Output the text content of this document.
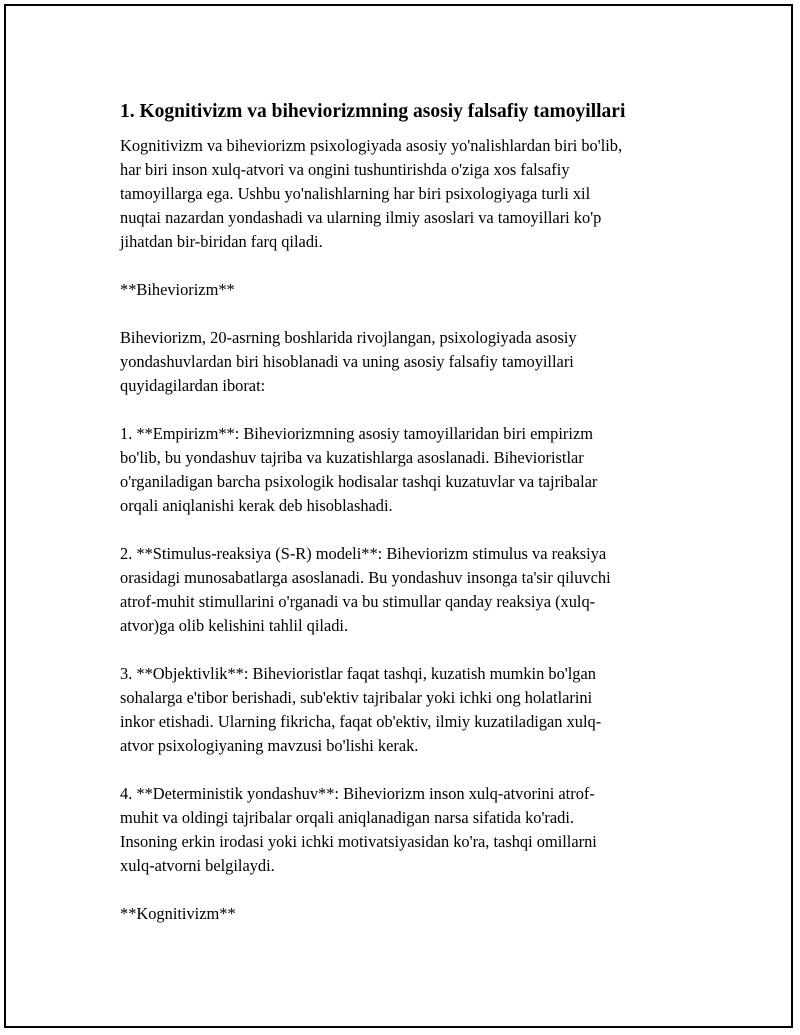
1. Kognitivizm va biheviorizmning asosiy falsafiy tamoyillari

Kognitivizm va biheviorizm psixologiyada asosiy yo'nalishlardan biri bo'lib,
har biri inson xulq-atvori va ongini tushuntirishda o'ziga xos falsafiy
tamoyillarga ega. Ushbu yo'nalishlarning har biri psixologiyaga turli xil
nuqtai nazardan yondashadi va ularning ilmiy asoslari va tamoyillari ko'p
jihatdan bir-biridan farq qiladi.

**Biheviorizm**

Biheviorizm, 20-asrning boshlarida rivojlangan, psixologiyada asosiy
yondashuvlardan biri hisoblanadi va uning asosiy falsafiy tamoyillari
quyidagilardan iborat:

1. **Empirizm**: Biheviorizmning asosiy tamoyillaridan biri empirizm
bo'lib, bu yondashuv tajriba va kuzatishlarga asoslanadi. Bihevioristlar
o'rganiladigan barcha psixologik hodisalar tashqi kuzatuvlar va tajribalar
orqali aniqlanishi kerak deb hisoblashadi.

2. **Stimulus-reaksiya (S-R) modeli**: Biheviorizm stimulus va reaksiya
orasidagi munosabatlarga asoslanadi. Bu yondashuv insonga ta'sir qiluvchi
atrof-muhit stimullarini o'rganadi va bu stimullar qanday reaksiya (xulq-
atvor)ga olib kelishini tahlil qiladi.

3. **Objektivlik**: Bihevioristlar faqat tashqi, kuzatish mumkin bo'lgan
sohalarga e'tibor berishadi, sub'ektiv tajribalar yoki ichki ong holatlarini
inkor etishadi. Ularning fikricha, faqat ob'ektiv, ilmiy kuzatiladigan xulq-
atvor psixologiyaning mavzusi bo'lishi kerak.

4. **Deterministik yondashuv**: Biheviorizm inson xulq-atvorini atrof-
muhit va oldingi tajribalar orqali aniqlanadigan narsa sifatida ko'radi.
Insoning erkin irodasi yoki ichki motivatsiyasidan ko'ra, tashqi omillarni
xulq-atvorni belgilaydi.

**Kognitivizm**
